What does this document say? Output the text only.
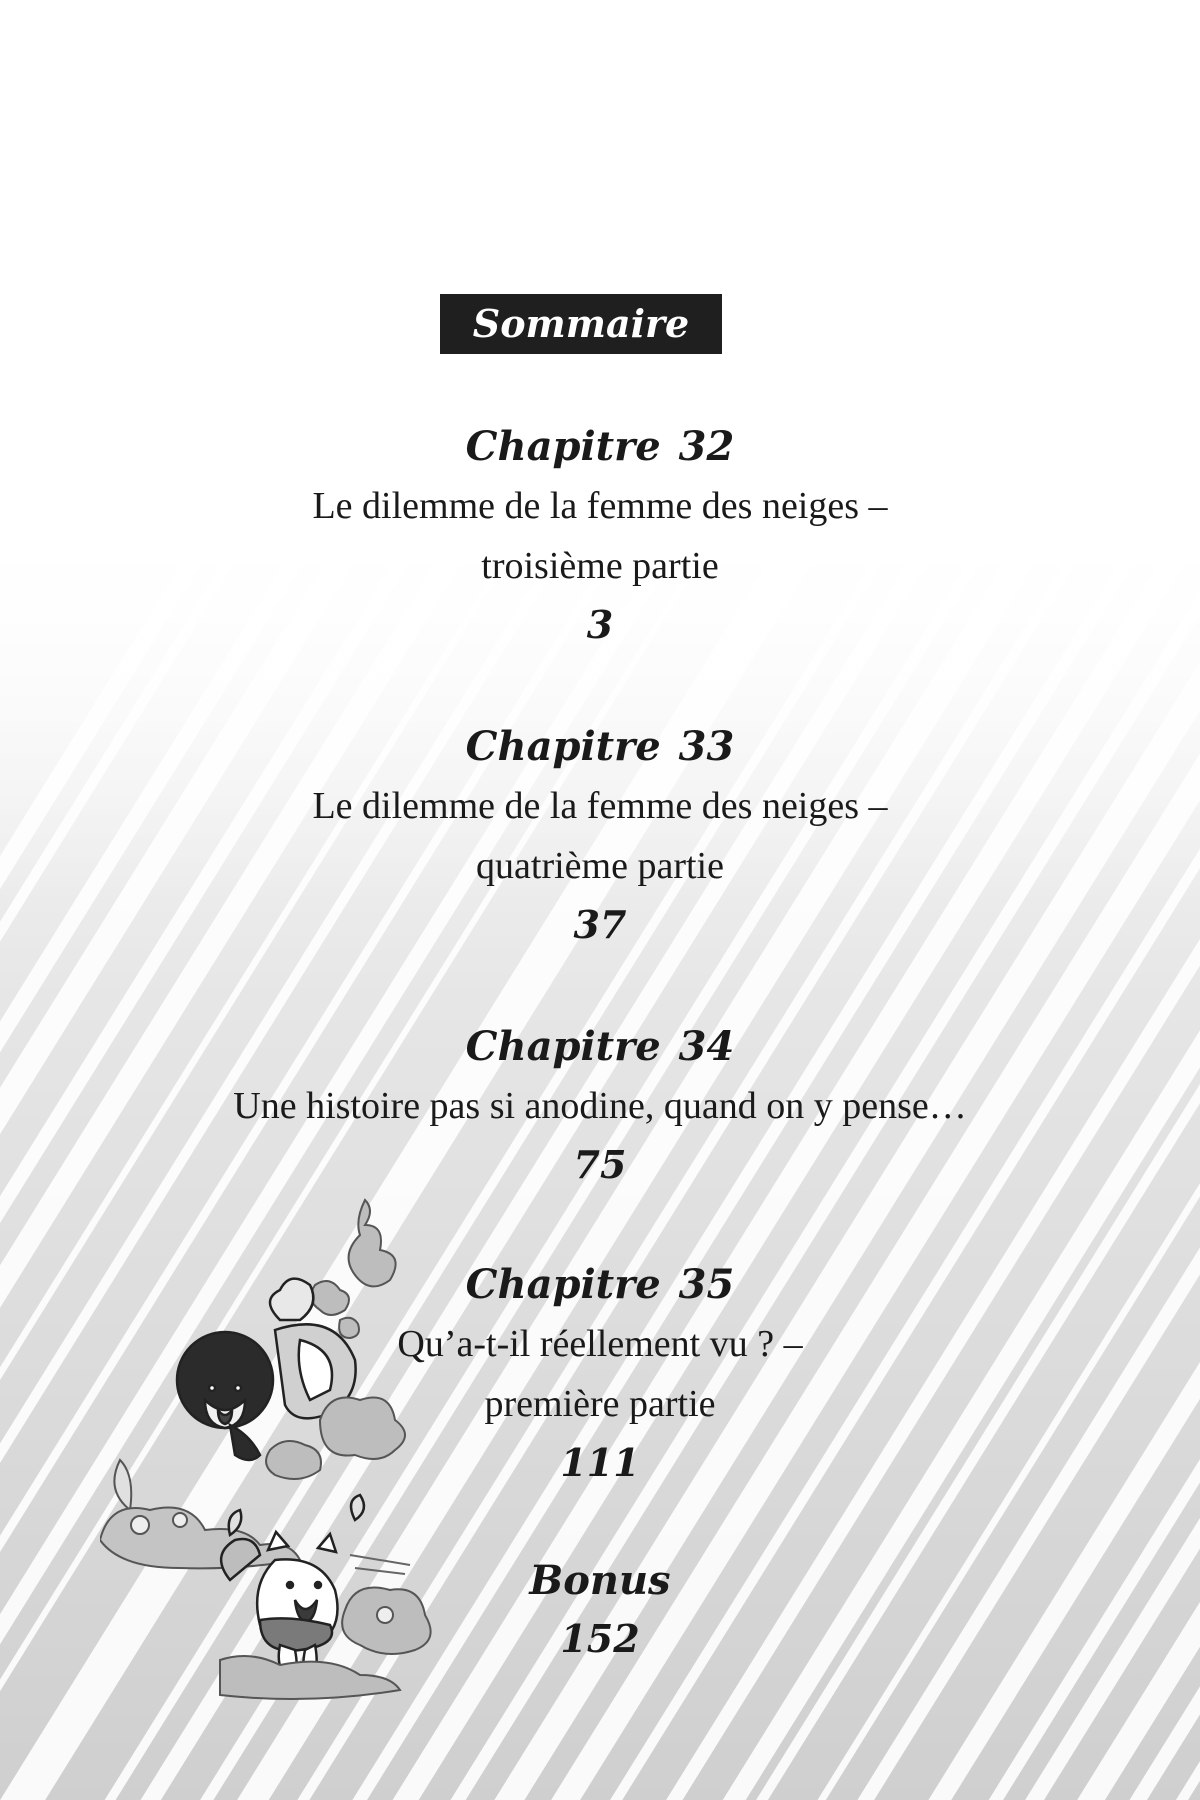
Sommaire
Chapitre 32
Le dilemme de la femme des neiges –
troisième partie
3
Chapitre 33
Le dilemme de la femme des neiges –
quatrième partie
37
Chapitre 34
Une histoire pas si anodine, quand on y pense…
75
Chapitre 35
Qu’a-t-il réellement vu ? –
première partie
111
Bonus
152
